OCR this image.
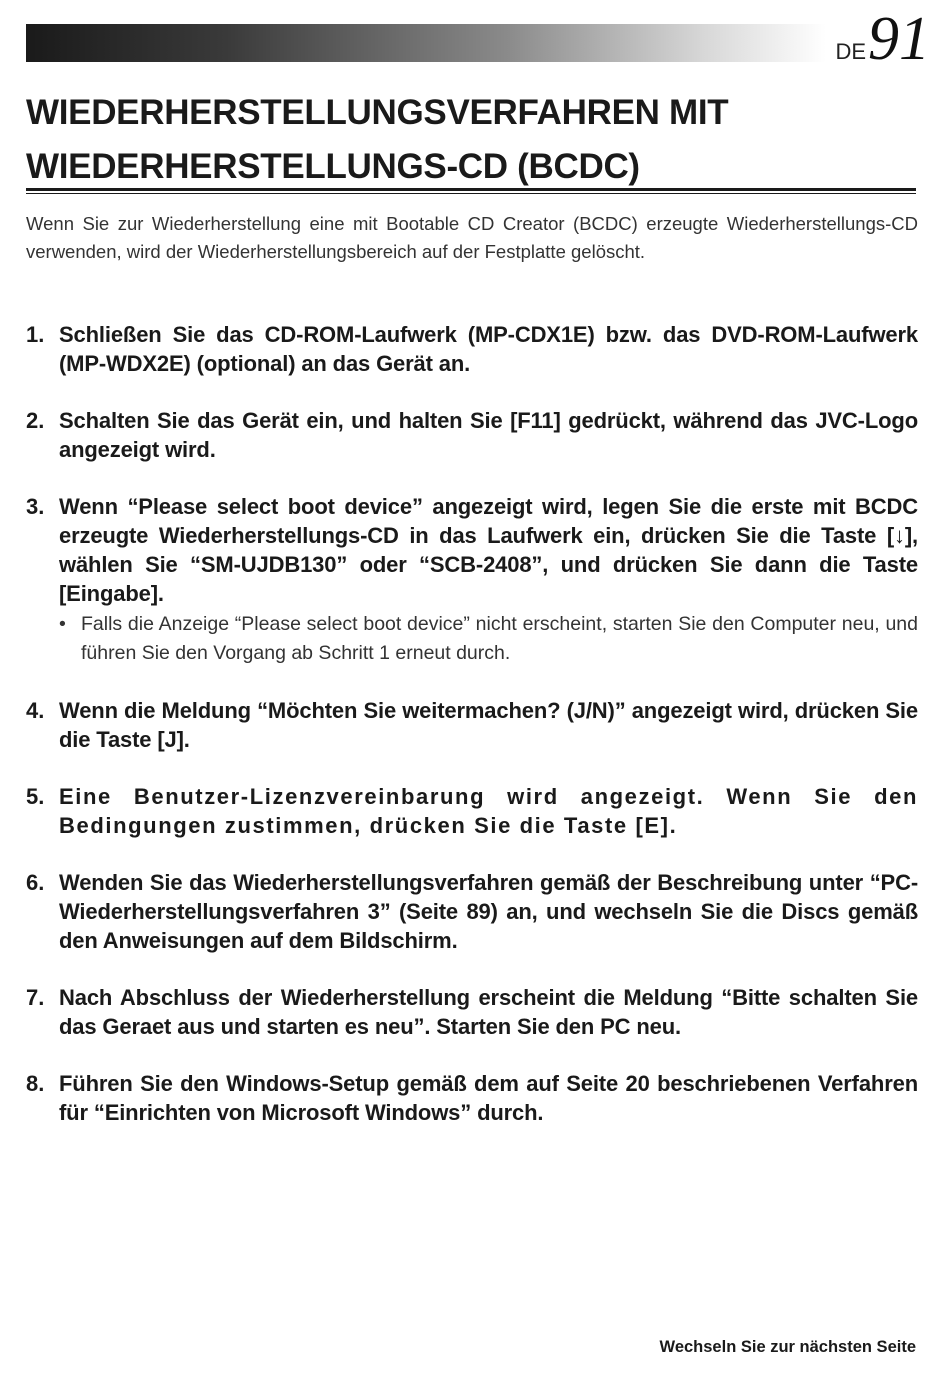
DE 91
WIEDERHERSTELLUNGSVERFAHREN MIT
WIEDERHERSTELLUNGS-CD (BCDC)

Wenn Sie zur Wiederherstellung eine mit Bootable CD Creator (BCDC) erzeugte Wiederherstellungs-CD verwenden, wird der Wiederherstellungsbereich auf der Festplatte gelöscht.

1. Schließen Sie das CD-ROM-Laufwerk (MP-CDX1E) bzw. das DVD-ROM-Laufwerk (MP-WDX2E) (optional) an das Gerät an.
2. Schalten Sie das Gerät ein, und halten Sie [F11] gedrückt, während das JVC-Logo angezeigt wird.
3. Wenn “Please select boot device” angezeigt wird, legen Sie die erste mit BCDC erzeugte Wiederherstellungs-CD in das Laufwerk ein, drücken Sie die Taste [↓], wählen Sie “SM-UJDB130” oder “SCB-2408”, und drücken Sie dann die Taste [Eingabe].
• Falls die Anzeige “Please select boot device” nicht erscheint, starten Sie den Computer neu, und führen Sie den Vorgang ab Schritt 1 erneut durch.
4. Wenn die Meldung “Möchten Sie weitermachen? (J/N)” angezeigt wird, drücken Sie die Taste [J].
5. Eine Benutzer-Lizenzvereinbarung wird angezeigt. Wenn Sie den Bedingungen zustimmen, drücken Sie die Taste [E].
6. Wenden Sie das Wiederherstellungsverfahren gemäß der Beschreibung unter “PC-Wiederherstellungsverfahren 3” (Seite 89) an, und wechseln Sie die Discs gemäß den Anweisungen auf dem Bildschirm.
7. Nach Abschluss der Wiederherstellung erscheint die Meldung “Bitte schalten Sie das Geraet aus und starten es neu”. Starten Sie den PC neu.
8. Führen Sie den Windows-Setup gemäß dem auf Seite 20 beschriebenen Verfahren für “Einrichten von Microsoft Windows” durch.
Wechseln Sie zur nächsten Seite
